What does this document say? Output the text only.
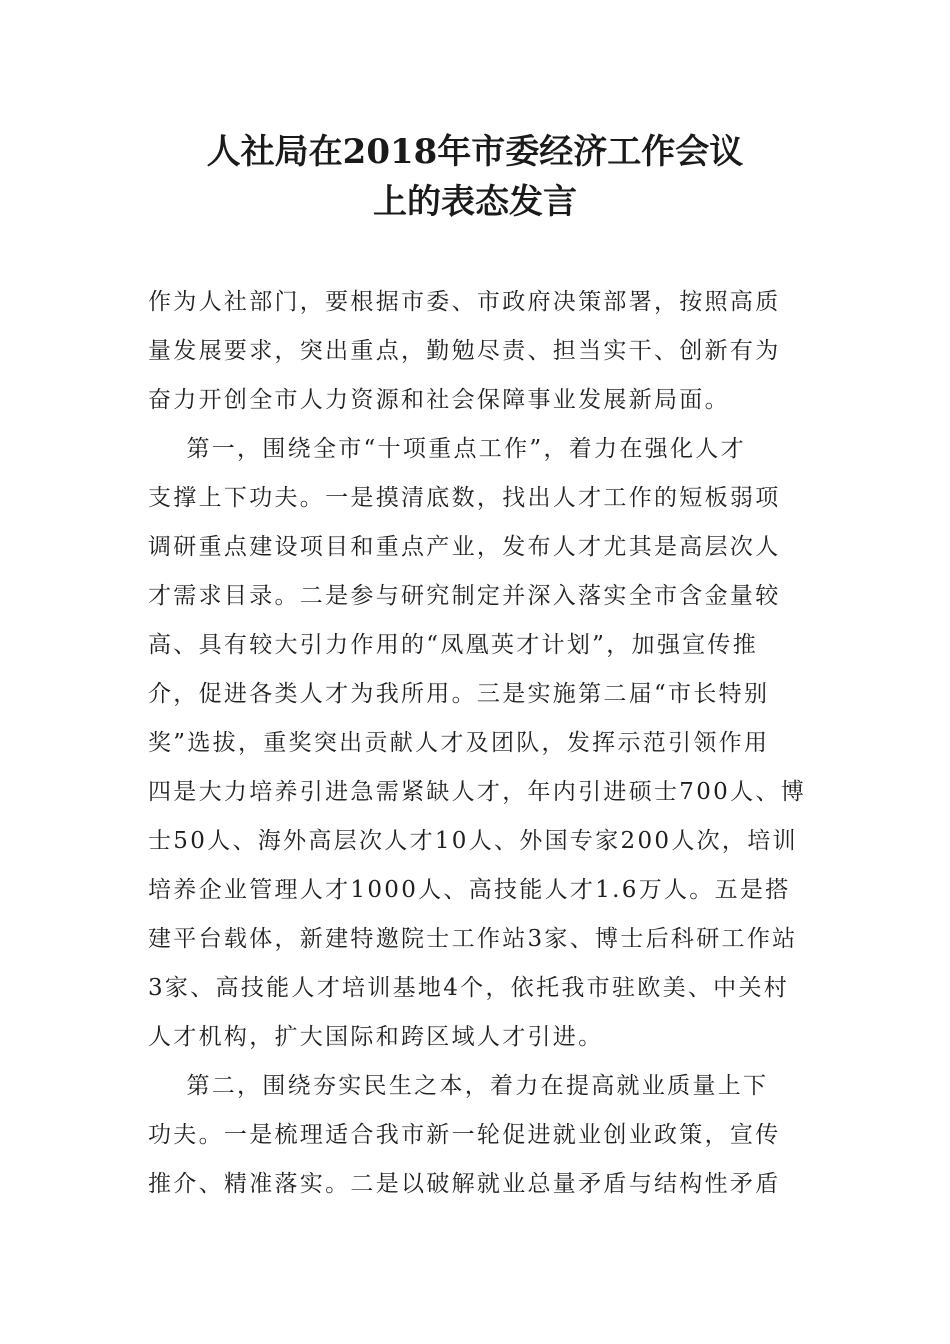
人社局在2018年市委经济工作会议
上的表态发言

作为人社部门，要根据市委、市政府决策部署，按照高质

量发展要求，突出重点，勤勉尽责、担当实干、创新有为

奋力开创全市人力资源和社会保障事业发展新局面。

第一，围绕全市“十项重点工作”，着力在强化人才

支撑上下功夫。一是摸清底数，找出人才工作的短板弱项

调研重点建设项目和重点产业，发布人才尤其是高层次人

才需求目录。二是参与研究制定并深入落实全市含金量较

高、具有较大引力作用的“凤凰英才计划”，加强宣传推

介，促进各类人才为我所用。三是实施第二届“市长特别

奖”选拔，重奖突出贡献人才及团队，发挥示范引领作用

四是大力培养引进急需紧缺人才，年内引进硕士700人、博

士50人、海外高层次人才10人、外国专家200人次，培训

培养企业管理人才1000人、高技能人才1.6万人。五是搭

建平台载体，新建特邀院士工作站3家、博士后科研工作站

3家、高技能人才培训基地4个，依托我市驻欧美、中关村

人才机构，扩大国际和跨区域人才引进。

第二，围绕夯实民生之本，着力在提高就业质量上下

功夫。一是梳理适合我市新一轮促进就业创业政策，宣传

推介、精准落实。二是以破解就业总量矛盾与结构性矛盾
